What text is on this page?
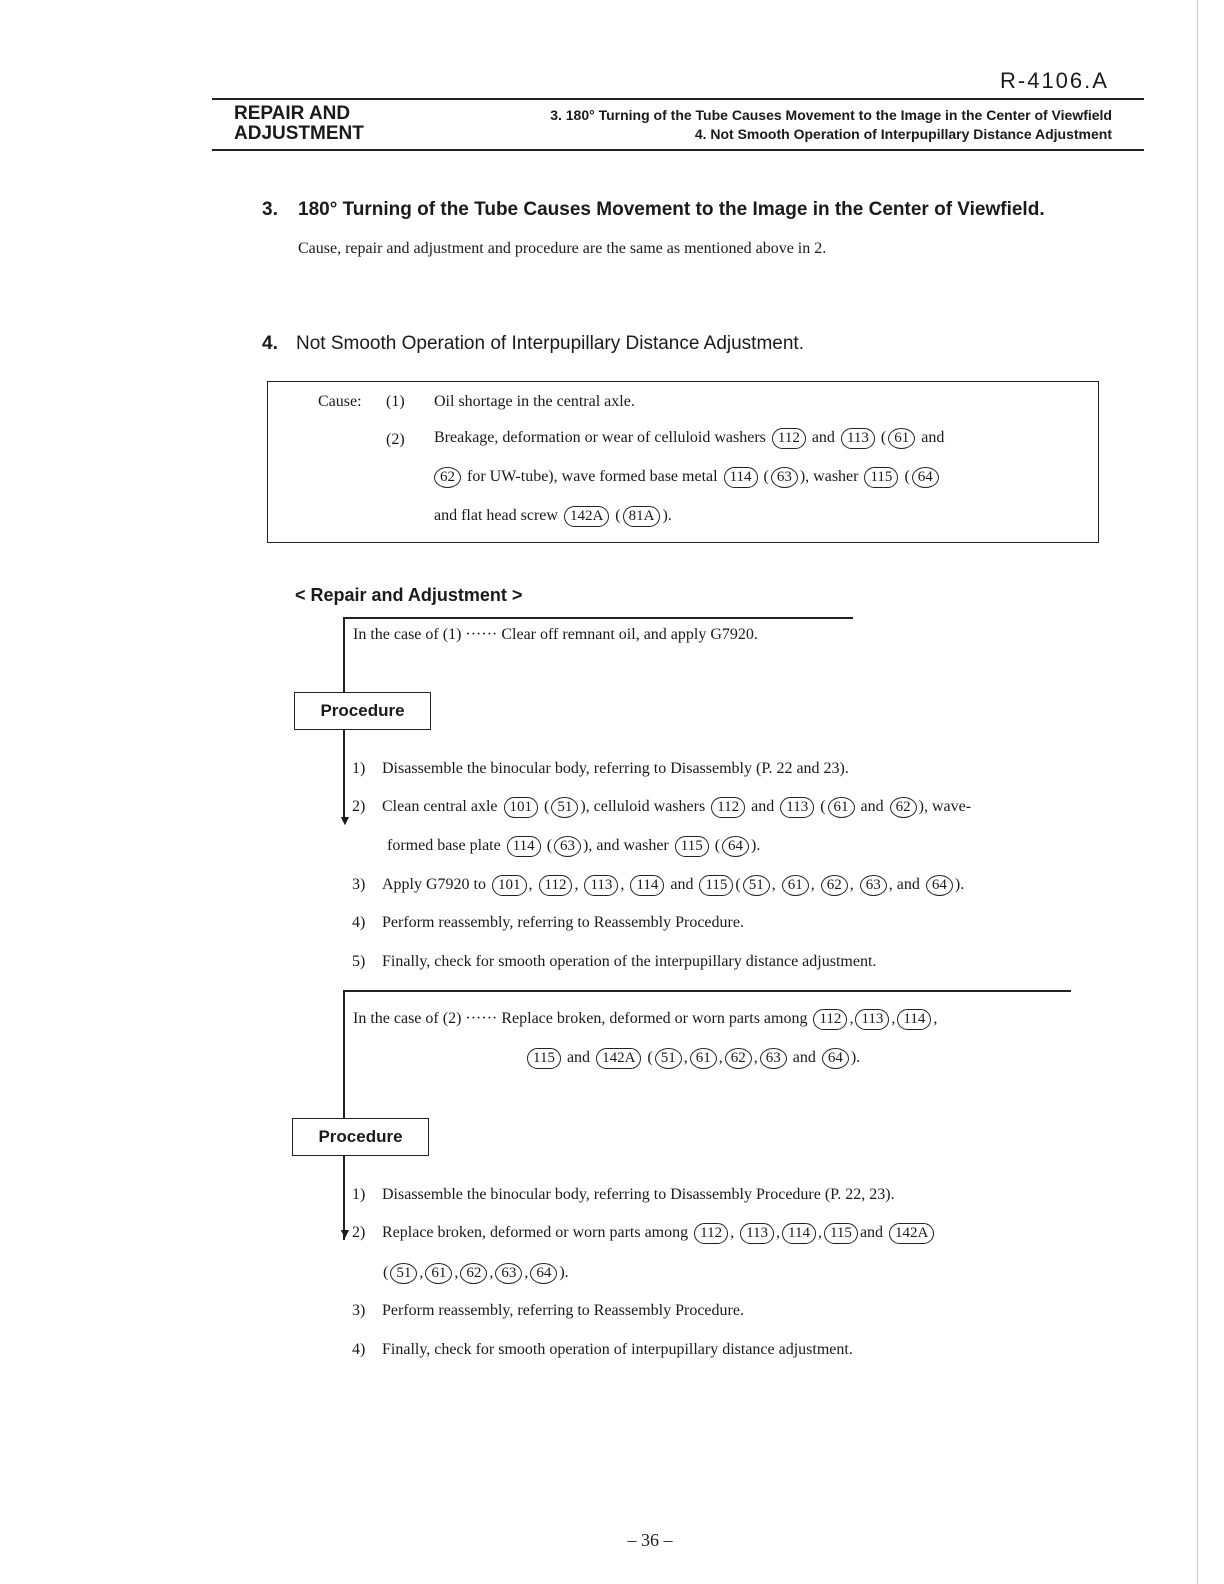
R-4106.A
REPAIR AND
ADJUSTMENT
3. 180° Turning of the Tube Causes Movement to the Image in the Center of Viewfield
4. Not Smooth Operation of Interpupillary Distance Adjustment
3. 180° Turning of the Tube Causes Movement to the Image in the Center of Viewfield.
Cause, repair and adjustment and procedure are the same as mentioned above in 2.
4. Not Smooth Operation of Interpupillary Distance Adjustment.
Cause: (1) Oil shortage in the central axle.
(2) Breakage, deformation or wear of celluloid washers 112 and 113 ( 61 and
62 for UW-tube), wave formed base metal 114 ( 63 ), washer 115 ( 64
and flat head screw 142A ( 81A ).
< Repair and Adjustment >
In the case of (1) ······ Clear off remnant oil, and apply G7920.
Procedure
▼
1) Disassemble the binocular body, referring to Disassembly (P. 22 and 23).
2) Clean central axle 101 ( 51 ), celluloid washers 112 and 113 ( 61 and 62 ), wave-
formed base plate 114 ( 63 ), and washer 115 ( 64 ).
3) Apply G7920 to 101 , 112 , 113 , 114 and 115 ( 51 , 61 , 62 , 63 , and 64 ).
4) Perform reassembly, referring to Reassembly Procedure.
5) Finally, check for smooth operation of the interpupillary distance adjustment.
In the case of (2) ······ Replace broken, deformed or worn parts among 112 , 113 , 114 ,
115 and 142A ( 51 , 61 , 62 , 63 and 64 ).
Procedure
▼
1) Disassemble the binocular body, referring to Disassembly Procedure (P. 22, 23).
2) Replace broken, deformed or worn parts among 112 , 113 , 114 , 115 and 142A
( 51 , 61 , 62 , 63 , 64 ).
3) Perform reassembly, referring to Reassembly Procedure.
4) Finally, check for smooth operation of interpupillary distance adjustment.
– 36 –
